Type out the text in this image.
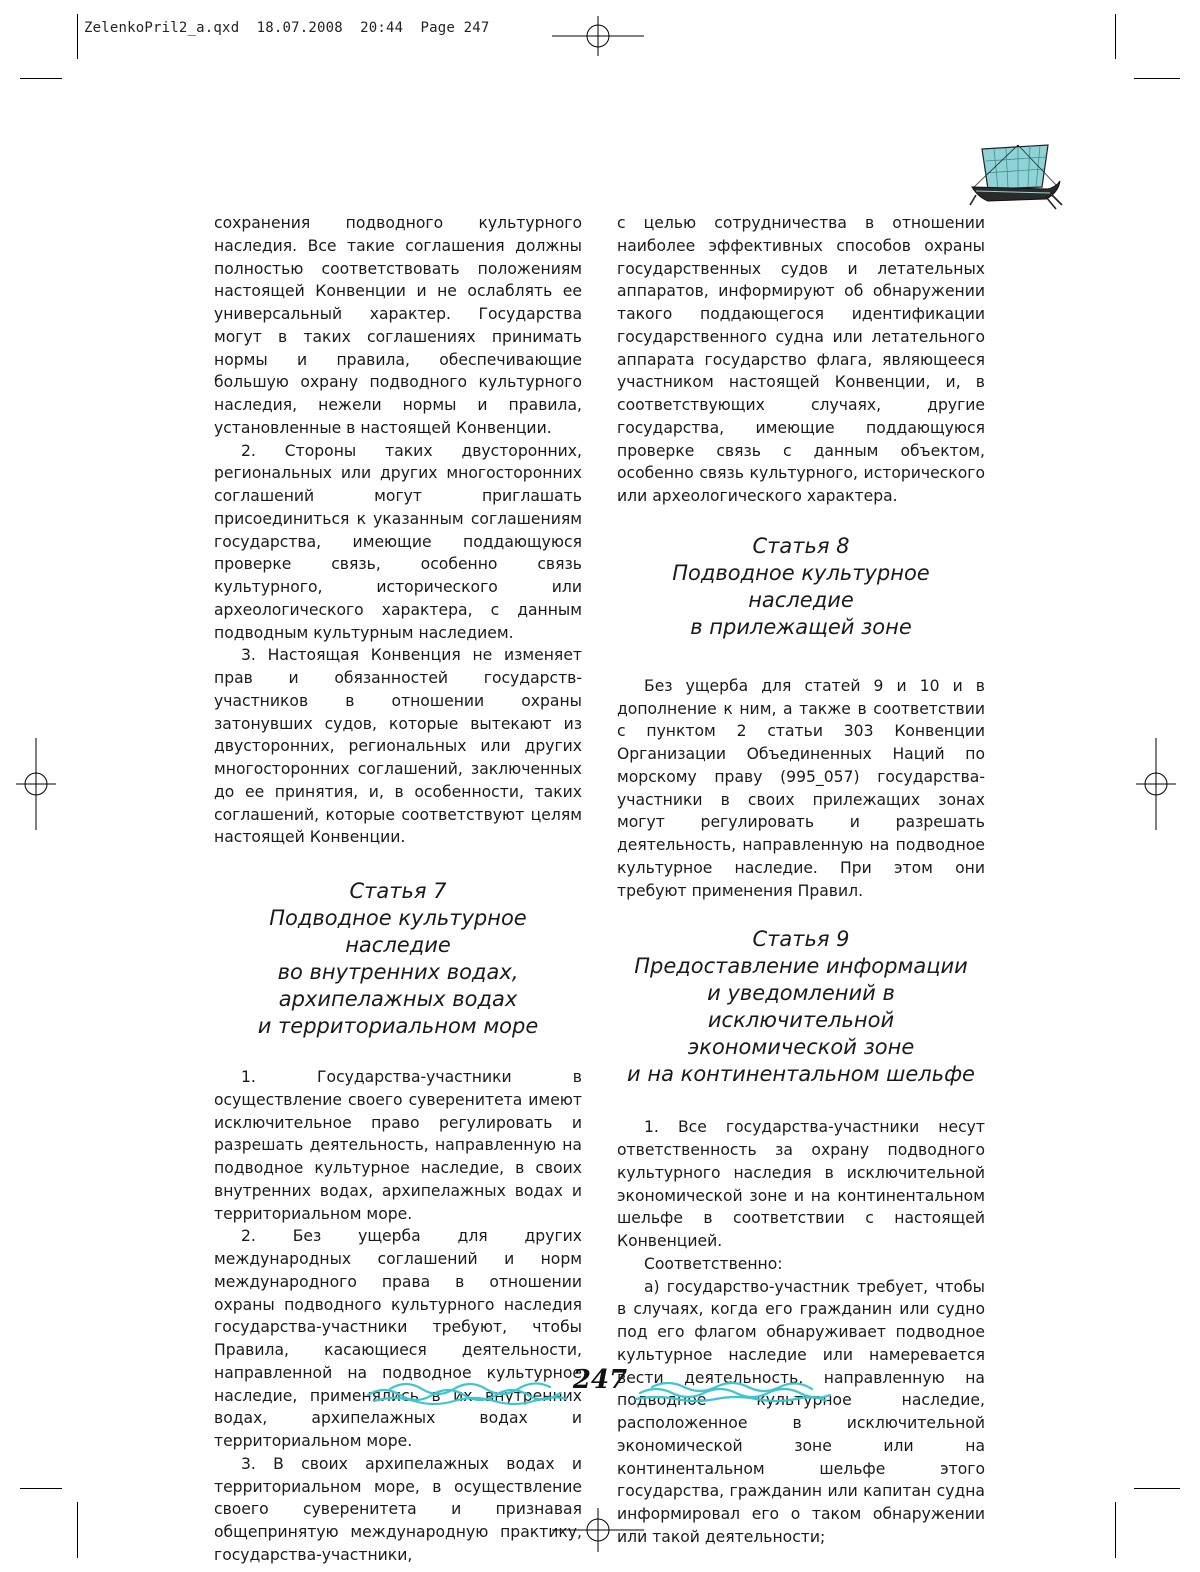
ZelenkoPril2_a.qxd  18.07.2008  20:44  Page 247

сохранения подводного культурного наследия. Все такие соглашения должны полностью соответствовать положениям настоящей Конвенции и не ослаблять ее универсальный характер. Государства могут в таких соглашениях принимать нормы и правила, обеспечивающие большую охрану подводного культурного наследия, нежели нормы и правила, установленные в настоящей Конвенции.

2. Стороны таких двусторонних, региональных или других многосторонних соглашений могут приглашать присоединиться к указанным соглашениям государства, имеющие поддающуюся проверке связь, особенно связь культурного, исторического или археологического характера, с данным подводным культурным наследием.

3. Настоящая Конвенция не изменяет прав и обязанностей государств-участников в отношении охраны затонувших судов, которые вытекают из двусторонних, региональных или других многосторонних соглашений, заключенных до ее принятия, и, в особенности, таких соглашений, которые соответствуют целям настоящей Конвенции.

Статья 7
Подводное культурное наследие
во внутренних водах,
архипелажных водах
и территориальном море

1. Государства-участники в осуществление своего суверенитета имеют исключительное право регулировать и разрешать деятельность, направленную на подводное культурное наследие, в своих внутренних водах, архипелажных водах и территориальном море.

2. Без ущерба для других международных соглашений и норм международного права в отношении охраны подводного культурного наследия государства-участники требуют, чтобы Правила, касающиеся деятельности, направленной на подводное культурное наследие, применялись в их внутренних водах, архипелажных водах и территориальном море.

3. В своих архипелажных водах и территориальном море, в осуществление своего суверенитета и признавая общепринятую международную практику, государства-участники,

с целью сотрудничества в отношении наиболее эффективных способов охраны государственных судов и летательных аппаратов, информируют об обнаружении такого поддающегося идентификации государственного судна или летательного аппарата государство флага, являющееся участником настоящей Конвенции, и, в соответствующих случаях, другие государства, имеющие поддающуюся проверке связь с данным объектом, особенно связь культурного, исторического или археологического характера.

Статья 8
Подводное культурное наследие
в прилежащей зоне

Без ущерба для статей 9 и 10 и в дополнение к ним, а также в соответствии с пунктом 2 статьи 303 Конвенции Организации Объединенных Наций по морскому праву (995_057) государства-участники в своих прилежащих зонах могут регулировать и разрешать деятельность, направленную на подводное культурное наследие. При этом они требуют применения Правил.

Статья 9
Предоставление информации
и уведомлений в исключительной
экономической зоне
и на континентальном шельфе

1. Все государства-участники несут ответственность за охрану подводного культурного наследия в исключительной экономической зоне и на континентальном шельфе в соответствии с настоящей Конвенцией.

Соответственно:

а) государство-участник требует, чтобы в случаях, когда его гражданин или судно под его флагом обнаруживает подводное культурное наследие или намеревается вести деятельность, направленную на подводное культурное наследие, расположенное в исключительной экономической зоне или на континентальном шельфе этого государства, гражданин или капитан судна информировал его о таком обнаружении или такой деятельности;

247
